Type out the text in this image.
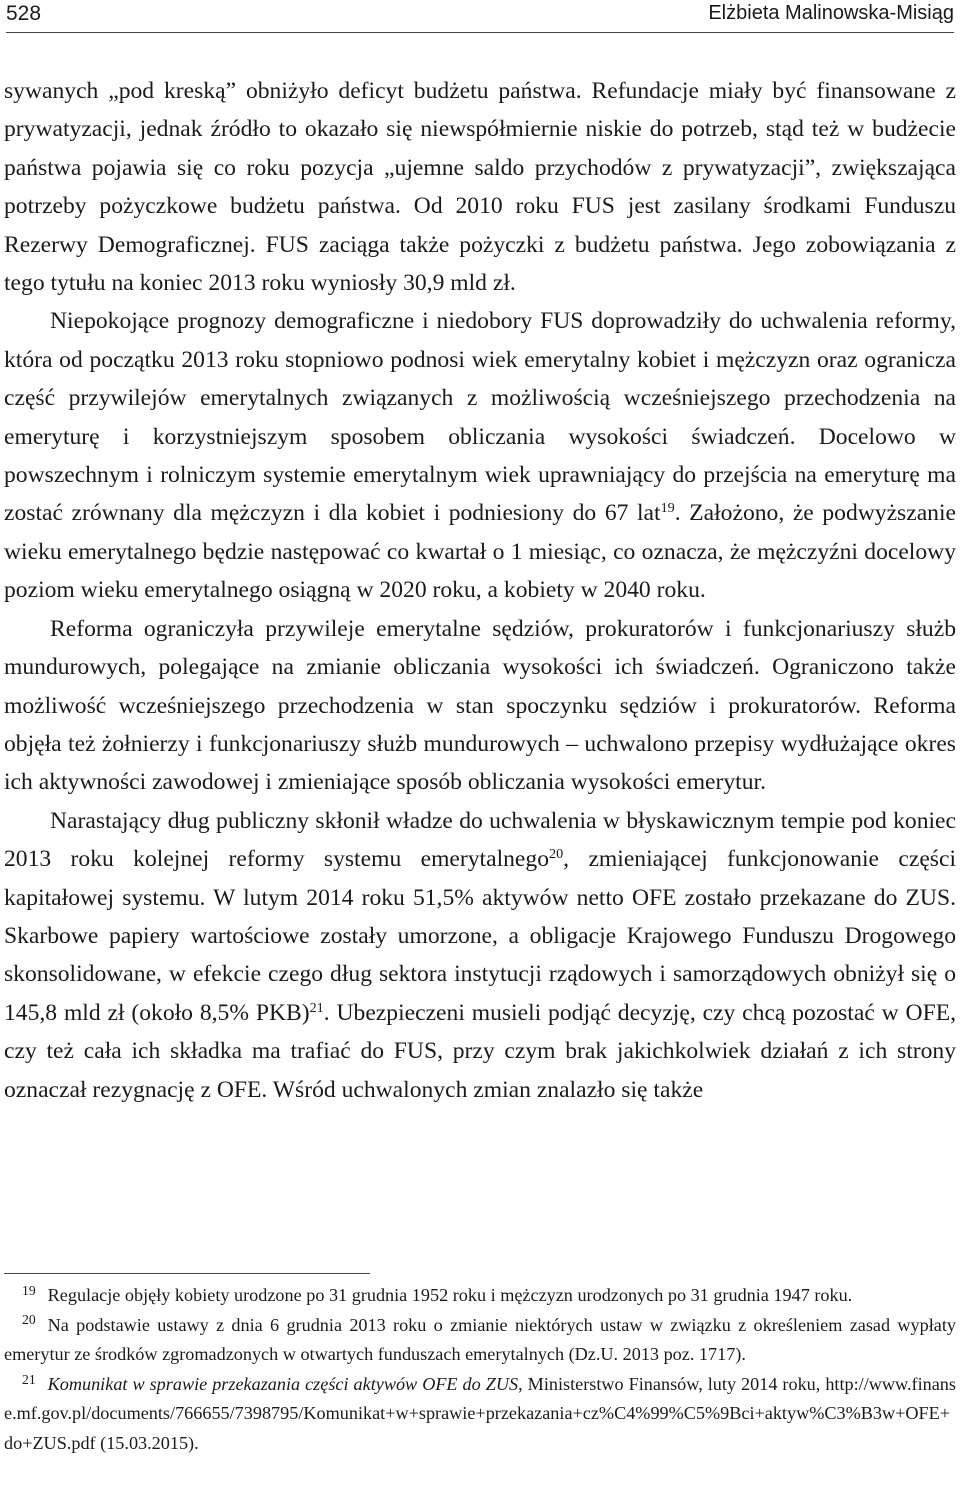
528	Elżbieta Malinowska-Misiąg

sywanych „pod kreską” obniżyło deficyt budżetu państwa. Refundacje miały być finansowane z prywatyzacji, jednak źródło to okazało się niewspółmiernie niskie do potrzeb, stąd też w budżecie państwa pojawia się co roku pozycja „ujemne saldo przychodów z prywatyzacji”, zwiększająca potrzeby pożyczkowe budżetu państwa. Od 2010 roku FUS jest zasilany środkami Funduszu Rezerwy Demograficznej. FUS zaciąga także pożyczki z budżetu państwa. Jego zobowiązania z tego tytułu na koniec 2013 roku wyniosły 30,9 mld zł.

Niepokojące prognozy demograficzne i niedobory FUS doprowadziły do uchwalenia reformy, która od początku 2013 roku stopniowo podnosi wiek emerytalny kobiet i mężczyzn oraz ogranicza część przywilejów emerytalnych związanych z możliwością wcześniejszego przechodzenia na emeryturę i korzystniejszym sposobem obliczania wysokości świadczeń. Docelowo w powszechnym i rolniczym systemie emerytalnym wiek uprawniający do przejścia na emeryturę ma zostać zrównany dla mężczyzn i dla kobiet i podniesiony do 67 lat$^{19}$. Założono, że podwyższanie wieku emerytalnego będzie następować co kwartał o 1 miesiąc, co oznacza, że mężczyźni docelowy poziom wieku emerytalnego osiągną w 2020 roku, a kobiety w 2040 roku.

Reforma ograniczyła przywileje emerytalne sędziów, prokuratorów i funkcjonariuszy służb mundurowych, polegające na zmianie obliczania wysokości ich świadczeń. Ograniczono także możliwość wcześniejszego przechodzenia w stan spoczynku sędziów i prokuratorów. Reforma objęła też żołnierzy i funkcjonariuszy służb mundurowych – uchwalono przepisy wydłużające okres ich aktywności zawodowej i zmieniające sposób obliczania wysokości emerytur.

Narastający dług publiczny skłonił władze do uchwalenia w błyskawicznym tempie pod koniec 2013 roku kolejnej reformy systemu emerytalnego$^{20}$, zmieniającej funkcjonowanie części kapitałowej systemu. W lutym 2014 roku 51,5% aktywów netto OFE zostało przekazane do ZUS. Skarbowe papiery wartościowe zostały umorzone, a obligacje Krajowego Funduszu Drogowego skonsolidowane, w efekcie czego dług sektora instytucji rządowych i samorządowych obniżył się o 145,8 mld zł (około 8,5% PKB)$^{21}$. Ubezpieczeni musieli podjąć decyzję, czy chcą pozostać w OFE, czy też cała ich składka ma trafiać do FUS, przy czym brak jakichkolwiek działań z ich strony oznaczał rezygnację z OFE. Wśród uchwalonych zmian znalazło się także

$^{19}$ Regulacje objęły kobiety urodzone po 31 grudnia 1952 roku i mężczyzn urodzonych po 31 grudnia 1947 roku.

$^{20}$ Na podstawie ustawy z dnia 6 grudnia 2013 roku o zmianie niektórych ustaw w związku z określeniem zasad wypłaty emerytur ze środków zgromadzonych w otwartych funduszach emerytalnych (Dz.U. 2013 poz. 1717).

$^{21}$ Komunikat w sprawie przekazania części aktywów OFE do ZUS, Ministerstwo Finansów, luty 2014 roku, http://www.finanse.mf.gov.pl/documents/766655/7398795/Komunikat+w+sprawie+przekazania+cz%C4%99%C5%9Bci+aktyw%C3%B3w+OFE+do+ZUS.pdf (15.03.2015).
